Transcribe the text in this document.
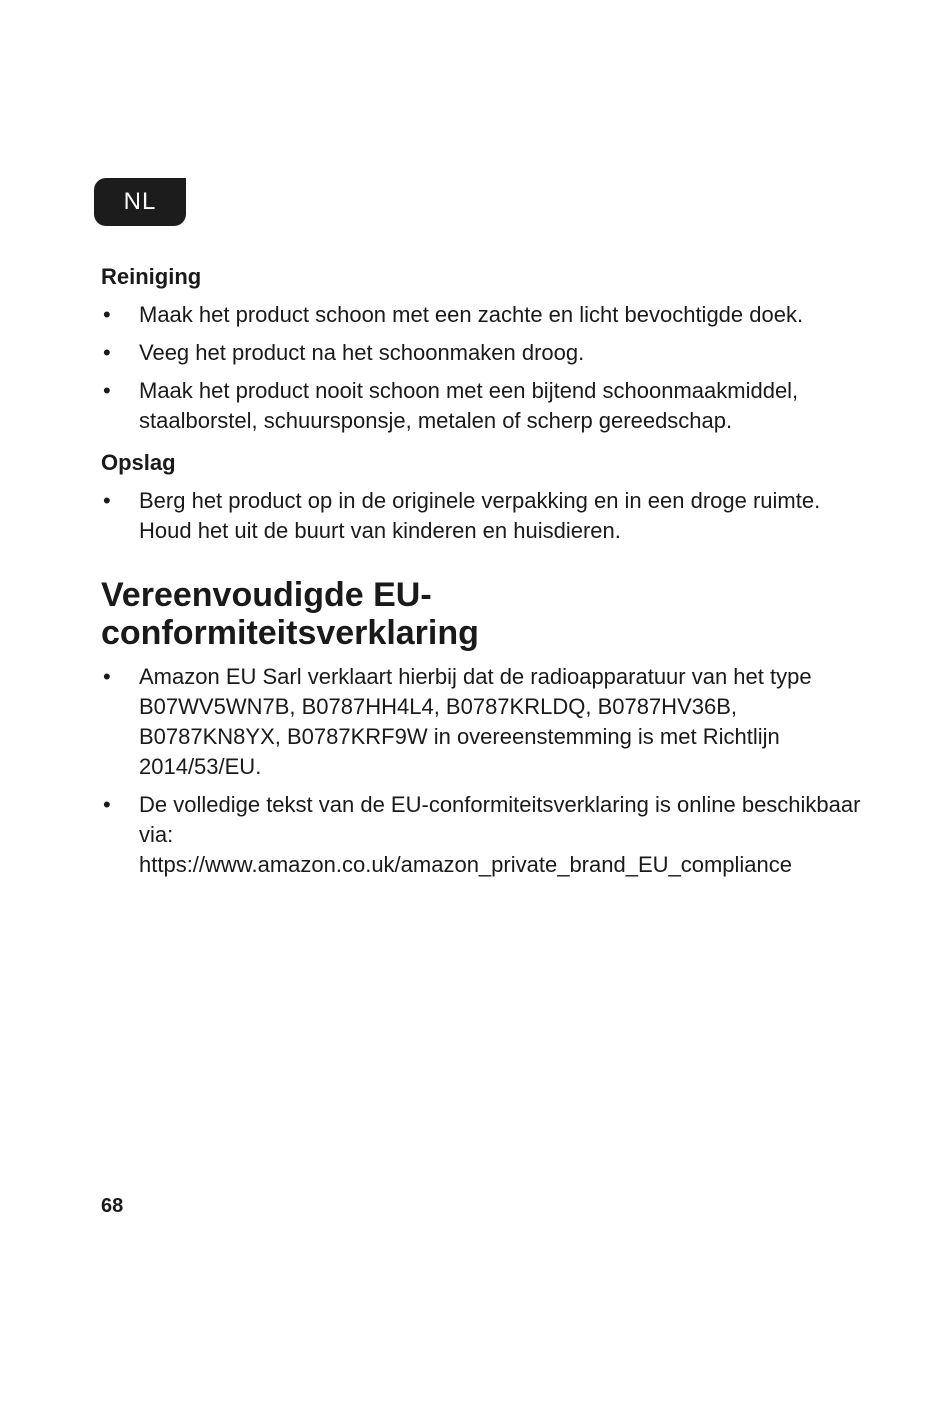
NL
Reiniging
• Maak het product schoon met een zachte en licht bevochtigde doek.
• Veeg het product na het schoonmaken droog.
• Maak het product nooit schoon met een bijtend schoonmaakmiddel, staalborstel, schuursponsje, metalen of scherp gereedschap.
Opslag
• Berg het product op in de originele verpakking en in een droge ruimte. Houd het uit de buurt van kinderen en huisdieren.
Vereenvoudigde EU-conformiteitsverklaring
• Amazon EU Sarl verklaart hierbij dat de radioapparatuur van het type B07WV5WN7B, B0787HH4L4, B0787KRLDQ, B0787HV36B, B0787KN8YX, B0787KRF9W in overeenstemming is met Richtlijn 2014/53/EU.
• De volledige tekst van de EU-conformiteitsverklaring is online beschikbaar via:
https://www.amazon.co.uk/amazon_private_brand_EU_compliance
68
